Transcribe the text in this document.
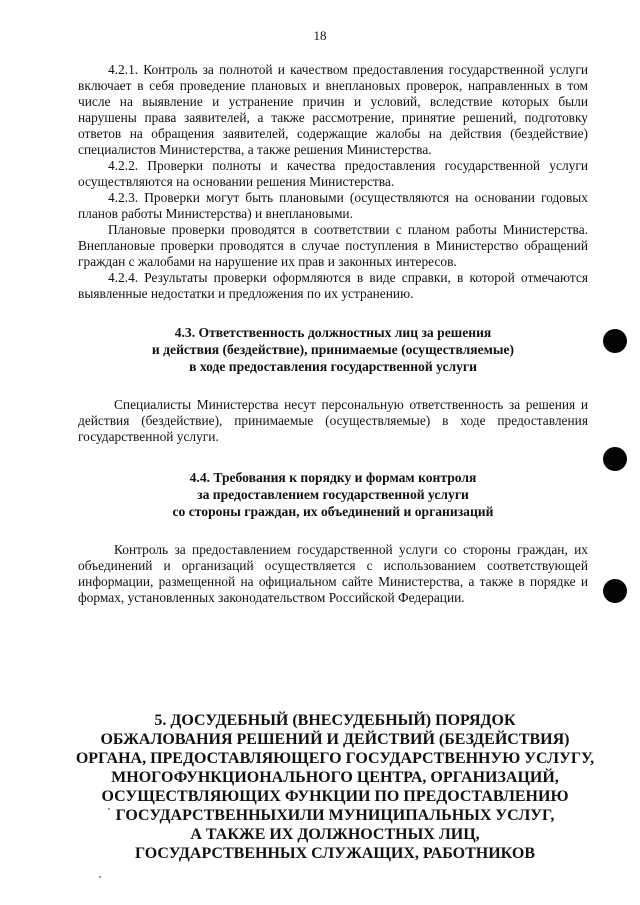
18

4.2.1. Контроль за полнотой и качеством предоставления государственной услуги включает в себя проведение плановых и внеплановых проверок, направленных в том числе на выявление и устранение причин и условий, вследствие которых были нарушены права заявителей, а также рассмотрение, принятие решений, подготовку ответов на обращения заявителей, содержащие жалобы на действия (бездействие) специалистов Министерства, а также решения Министерства.

4.2.2. Проверки полноты и качества предоставления государственной услуги осуществляются на основании решения Министерства.

4.2.3. Проверки могут быть плановыми (осуществляются на основании годовых планов работы Министерства) и внеплановыми.

Плановые проверки проводятся в соответствии с планом работы Министерства. Внеплановые проверки проводятся в случае поступления в Министерство обращений граждан с жалобами на нарушение их прав и законных интересов.

4.2.4. Результаты проверки оформляются в виде справки, в которой отмечаются выявленные недостатки и предложения по их устранению.

4.3. Ответственность должностных лиц за решения

и действия (бездействие), принимаемые (осуществляемые)

в ходе предоставления государственной услуги

Специалисты Министерства несут персональную ответственность за решения и действия (бездействие), принимаемые (осуществляемые) в ходе предоставления государственной услуги.

4.4. Требования к порядку и формам контроля

за предоставлением государственной услуги

со стороны граждан, их объединений и организаций

Контроль за предоставлением государственной услуги со стороны граждан, их объединений и организаций осуществляется с использованием соответствующей информации, размещенной на официальном сайте Министерства, а также в порядке и формах, установленных законодательством Российской Федерации.

5. ДОСУДЕБНЫЙ (ВНЕСУДЕБНЫЙ) ПОРЯДОК
ОБЖАЛОВАНИЯ РЕШЕНИЙ И ДЕЙСТВИЙ (БЕЗДЕЙСТВИЯ)
ОРГАНА, ПРЕДОСТАВЛЯЮЩЕГО ГОСУДАРСТВЕННУЮ УСЛУГУ,
МНОГОФУНКЦИОНАЛЬНОГО ЦЕНТРА, ОРГАНИЗАЦИЙ,
ОСУЩЕСТВЛЯЮЩИХ ФУНКЦИИ ПО ПРЕДОСТАВЛЕНИЮ
ГОСУДАРСТВЕННЫХИЛИ МУНИЦИПАЛЬНЫХ УСЛУГ,
А ТАКЖЕ ИХ ДОЛЖНОСТНЫХ ЛИЦ,
ГОСУДАРСТВЕННЫХ СЛУЖАЩИХ, РАБОТНИКОВ
